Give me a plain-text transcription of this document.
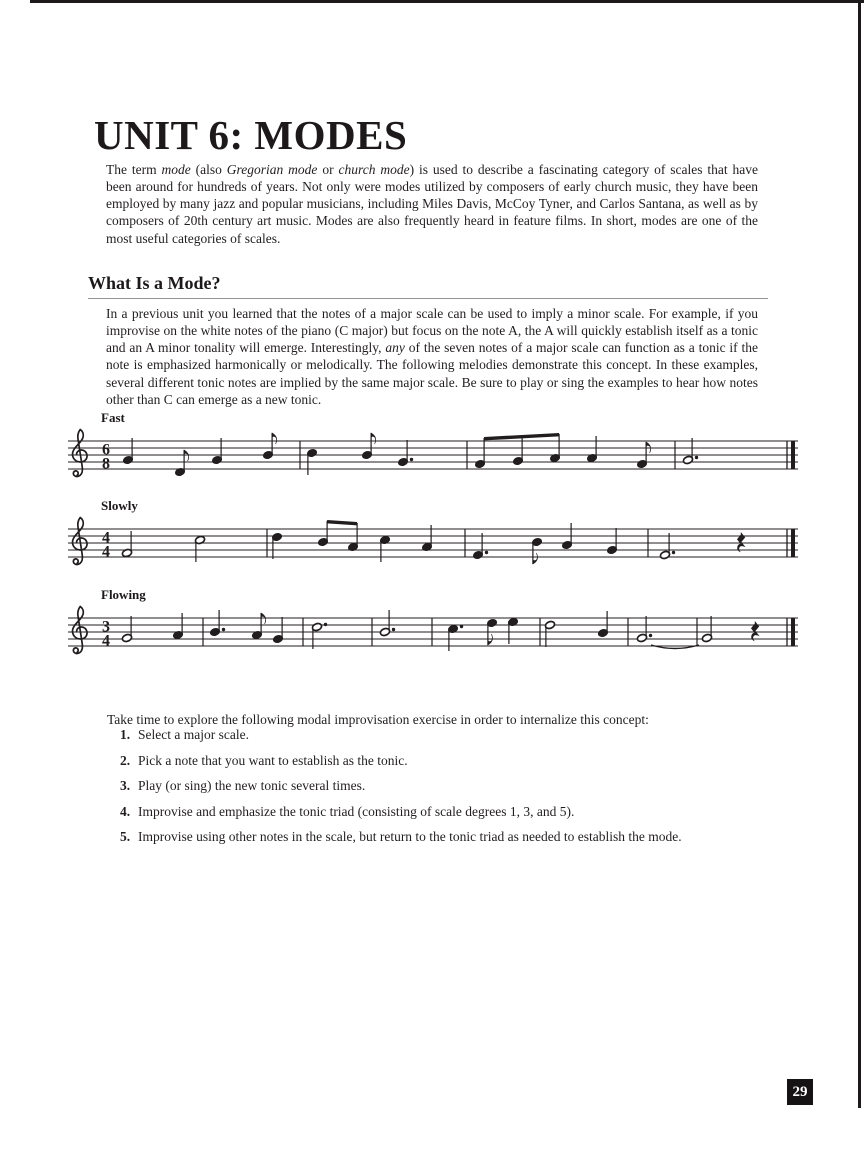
UNIT 6: MODES

The term mode (also Gregorian mode or church mode) is used to describe a fascinating category of scales that have been around for hundreds of years. Not only were modes utilized by composers of early church music, they have been employed by many jazz and popular musicians, including Miles Davis, McCoy Tyner, and Carlos Santana, as well as by composers of 20th century art music. Modes are also frequently heard in feature films. In short, modes are one of the most useful categories of scales.

What Is a Mode?

In a previous unit you learned that the notes of a major scale can be used to imply a minor scale. For example, if you improvise on the white notes of the piano (C major) but focus on the note A, the A will quickly establish itself as a tonic and an A minor tonality will emerge. Interestingly, any of the seven notes of a major scale can function as a tonic if the note is emphasized harmonically or melodically. The following melodies demonstrate this concept. In these examples, several different tonic notes are implied by the same major scale. Be sure to play or sing the examples to hear how notes other than C can emerge as a new tonic.

Fast
6
8
Slowly
4
4
Flowing
3
4

Take time to explore the following modal improvisation exercise in order to internalize this concept:

1. Select a major scale.
2. Pick a note that you want to establish as the tonic.
3. Play (or sing) the new tonic several times.
4. Improvise and emphasize the tonic triad (consisting of scale degrees 1, 3, and 5).
5. Improvise using other notes in the scale, but return to the tonic triad as needed to establish the mode.
29
